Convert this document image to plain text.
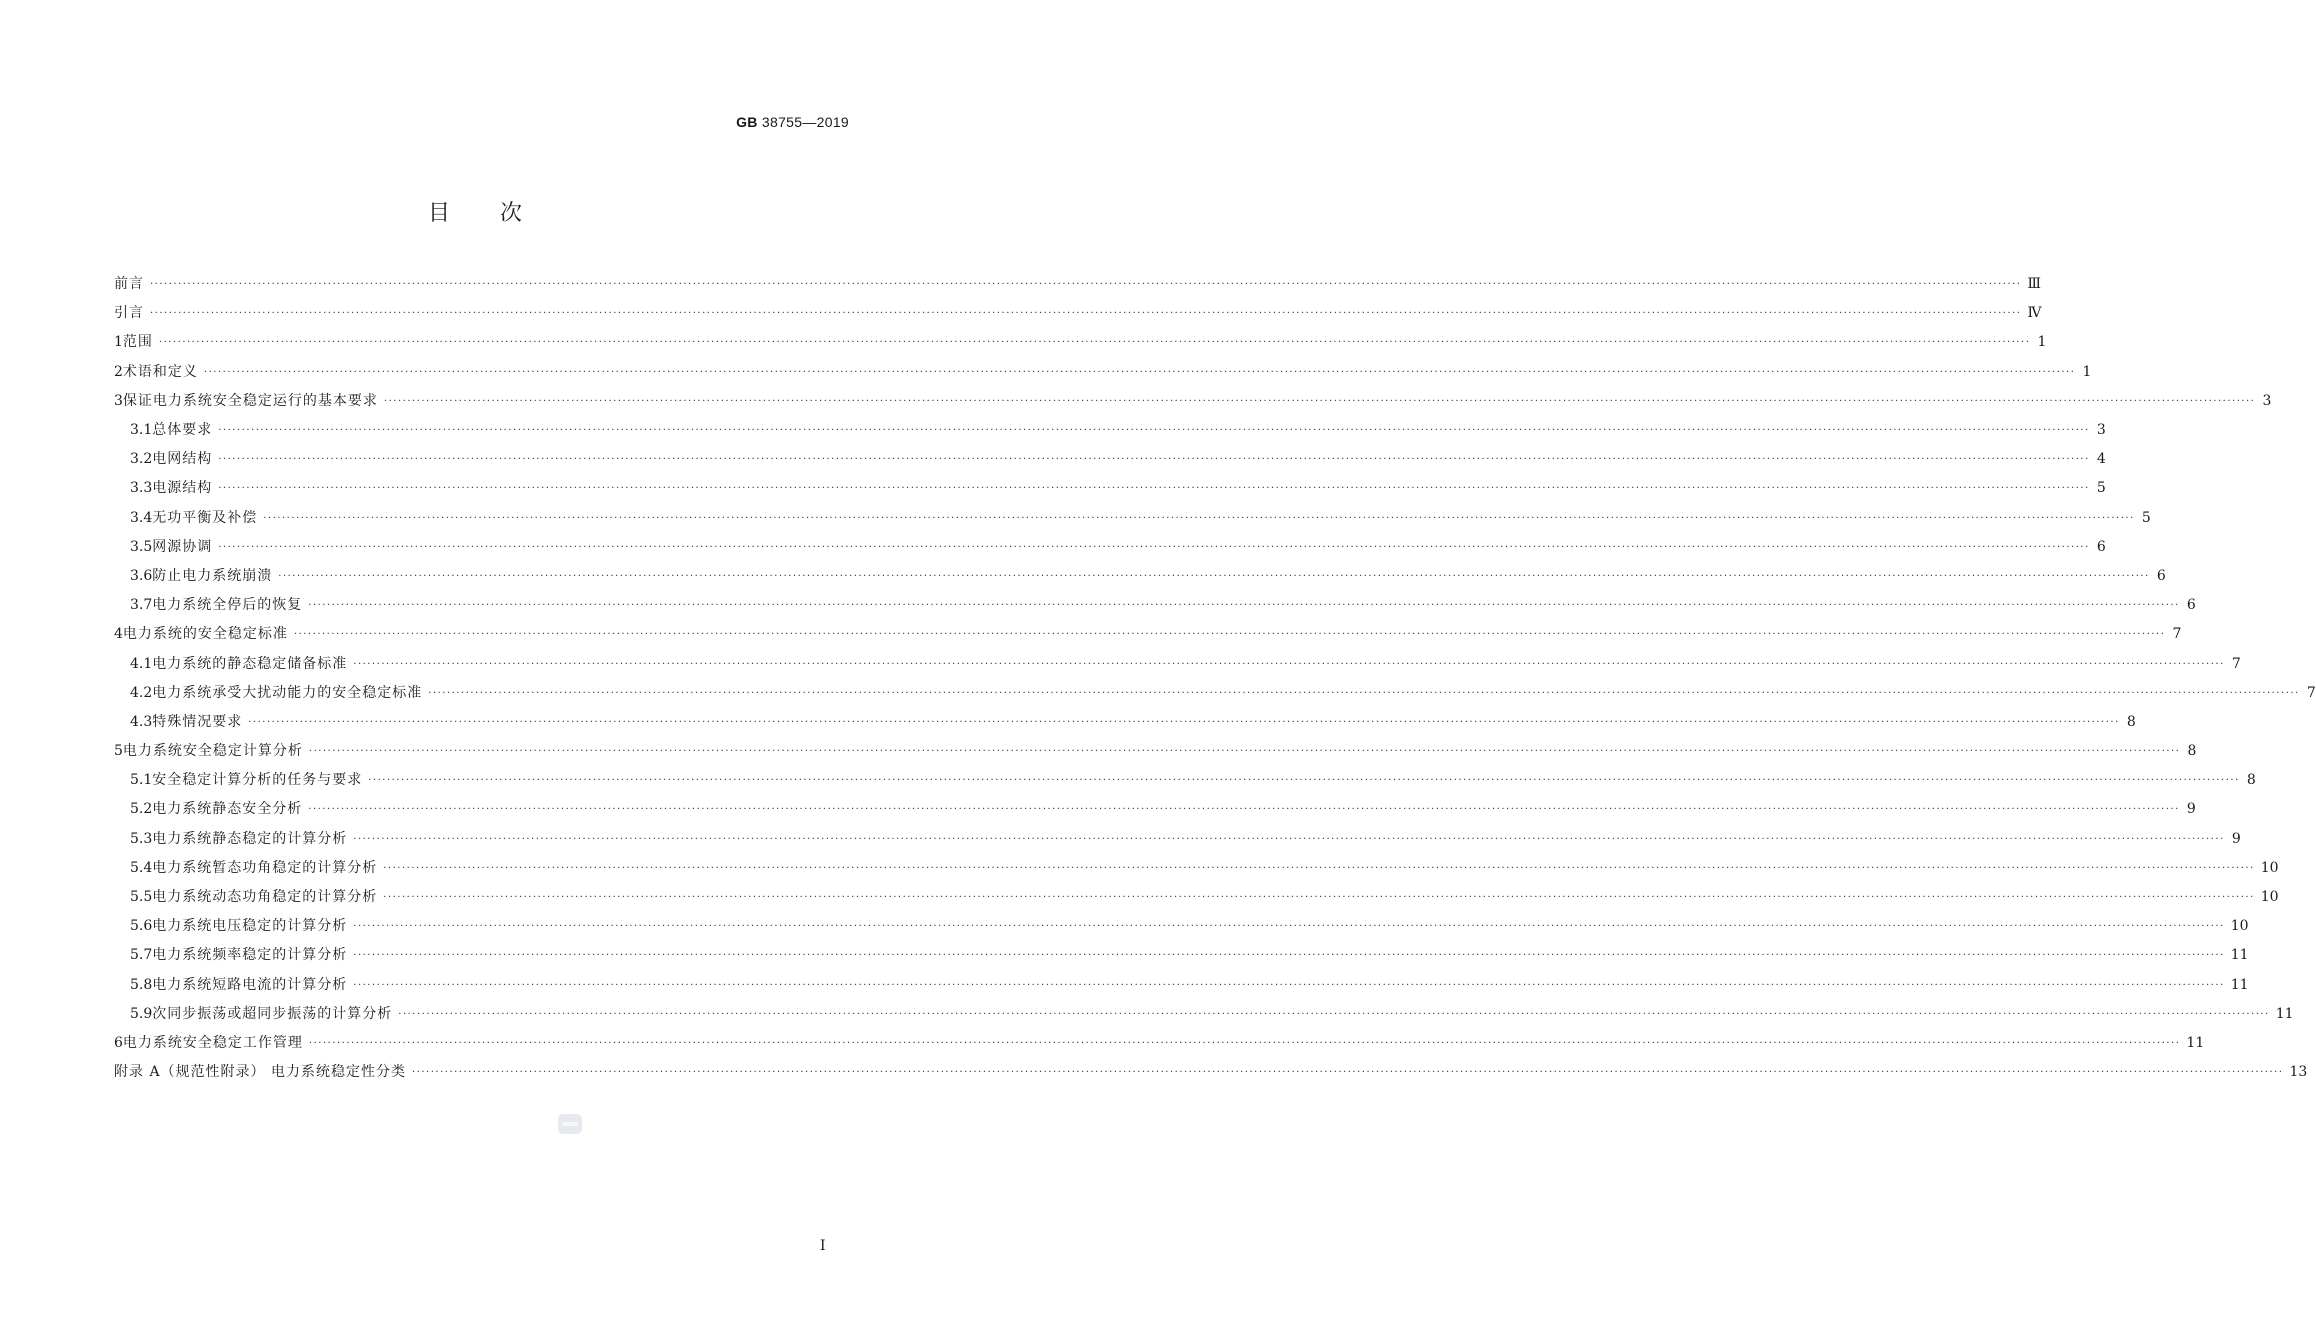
GB 38755—2019
目 次
前言 ················································································································································································································································································································································································································ Ⅲ
引言 ················································································································································································································································································································································································································ Ⅳ
1 范围 ················································································································································································································································································································································································································ 1
2 术语和定义 ················································································································································································································································································································································································································ 1
3 保证电力系统安全稳定运行的基本要求 ················································································································································································································································································································································································································ 3
3.1 总体要求 ················································································································································································································································································································································································································ 3
3.2 电网结构 ················································································································································································································································································································································································································ 4
3.3 电源结构 ················································································································································································································································································································································································································ 5
3.4 无功平衡及补偿 ················································································································································································································································································································································································································ 5
3.5 网源协调 ················································································································································································································································································································································································································ 6
3.6 防止电力系统崩溃 ················································································································································································································································································································································································································ 6
3.7 电力系统全停后的恢复 ················································································································································································································································································································································································································ 6
4 电力系统的安全稳定标准 ················································································································································································································································································································································································································ 7
4.1 电力系统的静态稳定储备标准 ················································································································································································································································································································································································································ 7
4.2 电力系统承受大扰动能力的安全稳定标准 ················································································································································································································································································································································································································ 7
4.3 特殊情况要求 ················································································································································································································································································································································································································ 8
5 电力系统安全稳定计算分析 ················································································································································································································································································································································································································ 8
5.1 安全稳定计算分析的任务与要求 ················································································································································································································································································································································································································ 8
5.2 电力系统静态安全分析 ················································································································································································································································································································································································································ 9
5.3 电力系统静态稳定的计算分析 ················································································································································································································································································································································································································ 9
5.4 电力系统暂态功角稳定的计算分析 ················································································································································································································································································································································································································ 10
5.5 电力系统动态功角稳定的计算分析 ················································································································································································································································································································································································································ 10
5.6 电力系统电压稳定的计算分析 ················································································································································································································································································································································································································ 10
5.7 电力系统频率稳定的计算分析 ················································································································································································································································································································································································································ 11
5.8 电力系统短路电流的计算分析 ················································································································································································································································································································································································································ 11
5.9 次同步振荡或超同步振荡的计算分析 ················································································································································································································································································································································································································ 11
6 电力系统安全稳定工作管理 ················································································································································································································································································································································································································ 11
附录 A（规范性附录） 电力系统稳定性分类 ················································································································································································································································································································································································································ 13
I
